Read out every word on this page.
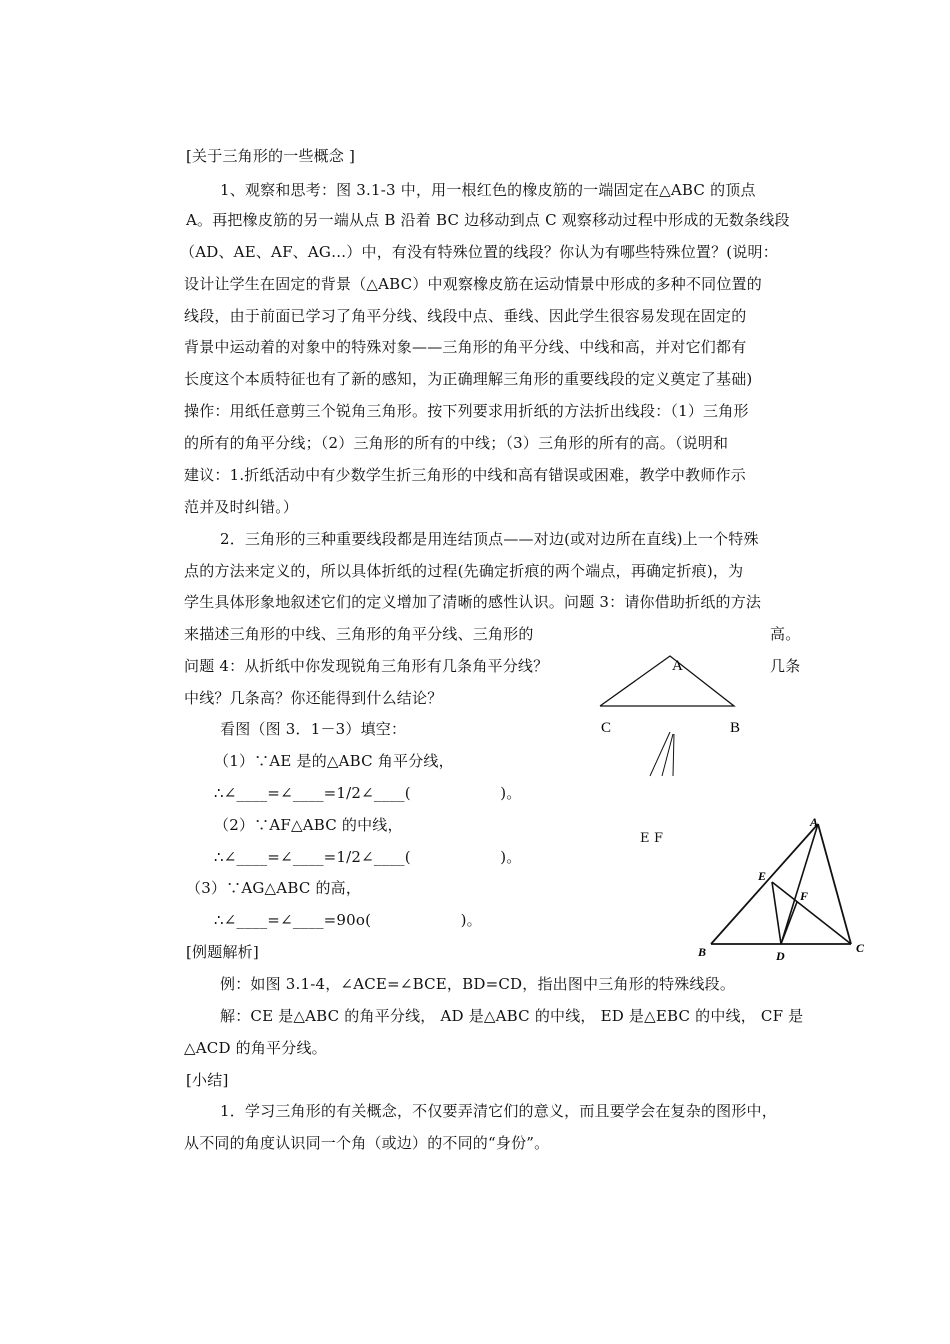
[关于三角形的一些概念 ]
1、观察和思考：图 3.1-3 中，用一根红色的橡皮筋的一端固定在△ABC 的顶点
A。再把橡皮筋的另一端从点 B 沿着 BC 边移动到点 C 观察移动过程中形成的无数条线段
（AD、AE、AF、AG…）中，有没有特殊位置的线段？你认为有哪些特殊位置？(说明：
设计让学生在固定的背景（△ABC）中观察橡皮筋在运动情景中形成的多种不同位置的
线段，由于前面已学习了角平分线、线段中点、垂线、因此学生很容易发现在固定的
背景中运动着的对象中的特殊对象——三角形的角平分线、中线和高，并对它们都有
长度这个本质特征也有了新的感知，为正确理解三角形的重要线段的定义奠定了基础)
操作：用纸任意剪三个锐角三角形。按下列要求用折纸的方法折出线段：（1）三角形
的所有的角平分线；（2）三角形的所有的中线；（3）三角形的所有的高。（说明和
建议：1.折纸活动中有少数学生折三角形的中线和高有错误或困难，教学中教师作示
范并及时纠错。）
2．三角形的三种重要线段都是用连结顶点——对边(或对边所在直线)上一个特殊
点的方法来定义的，所以具体折纸的过程(先确定折痕的两个端点，再确定折痕)，为
学生具体形象地叙述它们的定义增加了清晰的感性认识。问题 3：请你借助折纸的方法
来描述三角形的中线、三角形的角平分线、三角形的	高。
问题 4：从折纸中你发现锐角三角形有几条角平分线？	几条
中线？几条高？你还能得到什么结论？
看图（图 3．1－3）填空：
（1）∵AE 是的△ABC 角平分线，
∴∠____=∠____=1/2∠____(                  )。
（2）∵AF△ABC 的中线，
∴∠____=∠____=1/2∠____(                  )。
（3）∵AG△ABC 的高，
∴∠____=∠____=90o(                  )。
[例题解析]
例：如图 3.1-4，∠ACE=∠BCE，BD=CD，指出图中三角形的特殊线段。
解：CE 是△ABC 的角平分线， AD 是△ABC 的中线， ED 是△EBC 的中线， CF 是
△ACD 的角平分线。
[小结]
1．学习三角形的有关概念，不仅要弄清它们的意义，而且要学会在复杂的图形中，
从不同的角度认识同一个角（或边）的不同的“身份”。
A
B
C
E F
A
B	C
D
E
F
